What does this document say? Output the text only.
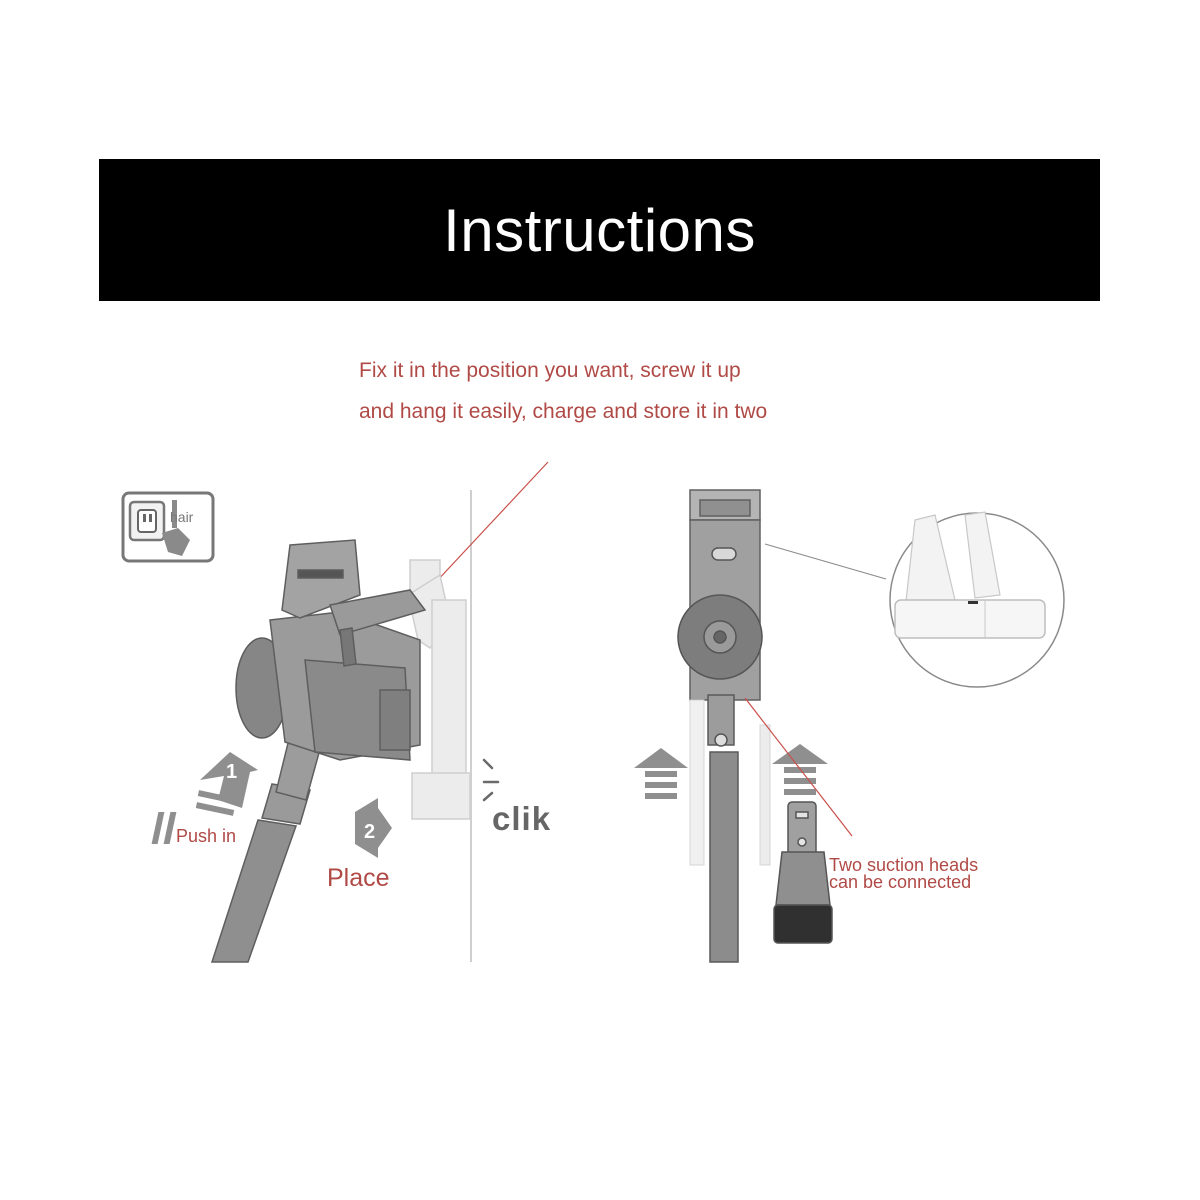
Instructions
Fix it in the position you want, screw it up
and hang it easily, charge and store it in two
1
2
hair
Push in
Place
clik
Two suction heads
can be connected
